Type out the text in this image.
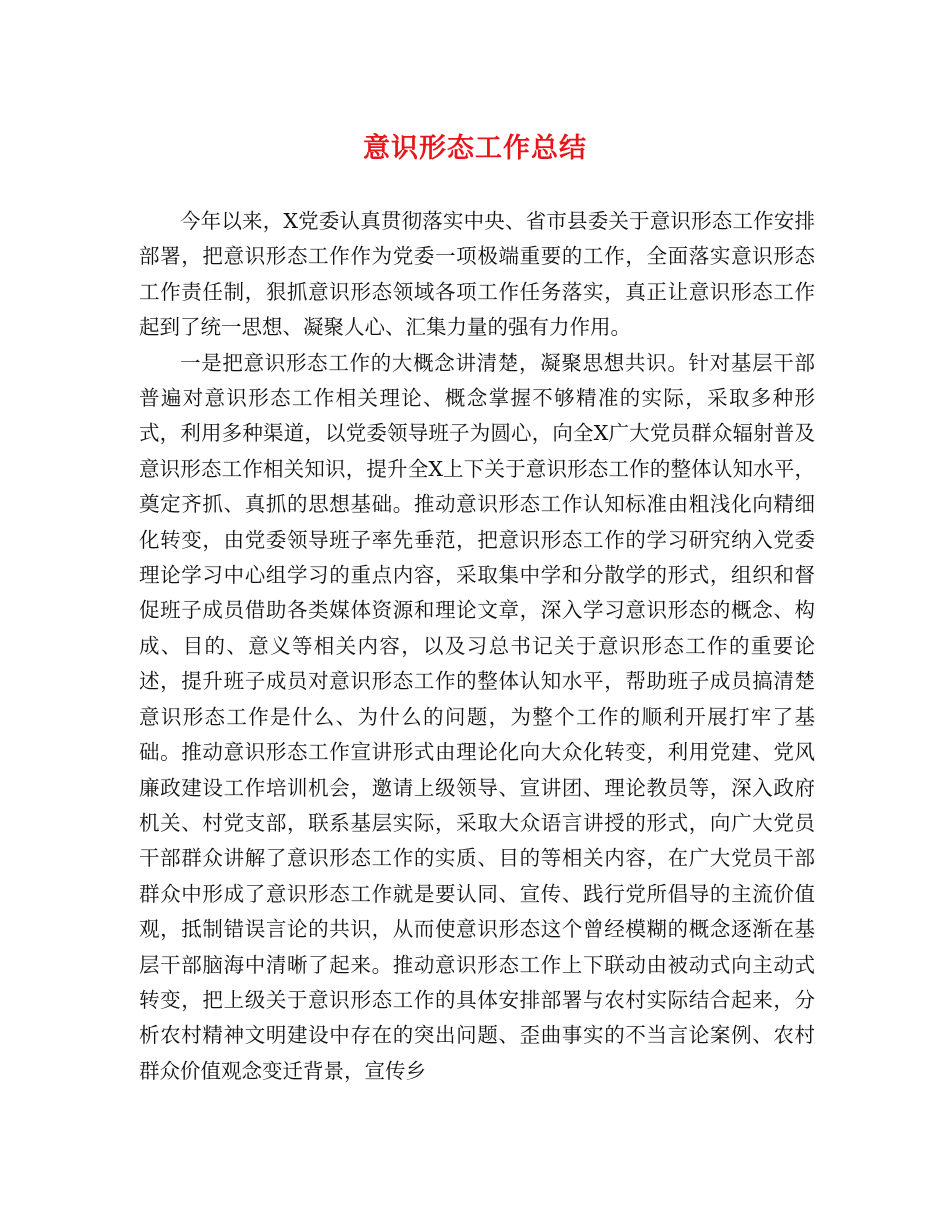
意识形态工作总结

今年以来，X党委认真贯彻落实中央、省市县委关于意识形态工作安排部署，把意识形态工作作为党委一项极端重要的工作，全面落实意识形态工作责任制，狠抓意识形态领域各项工作任务落实，真正让意识形态工作起到了统一思想、凝聚人心、汇集力量的强有力作用。

一是把意识形态工作的大概念讲清楚，凝聚思想共识。针对基层干部普遍对意识形态工作相关理论、概念掌握不够精准的实际，采取多种形式，利用多种渠道，以党委领导班子为圆心，向全X广大党员群众辐射普及意识形态工作相关知识，提升全X上下关于意识形态工作的整体认知水平，奠定齐抓、真抓的思想基础。推动意识形态工作认知标准由粗浅化向精细化转变，由党委领导班子率先垂范，把意识形态工作的学习研究纳入党委理论学习中心组学习的重点内容，采取集中学和分散学的形式，组织和督促班子成员借助各类媒体资源和理论文章，深入学习意识形态的概念、构成、目的、意义等相关内容，以及习总书记关于意识形态工作的重要论述，提升班子成员对意识形态工作的整体认知水平，帮助班子成员搞清楚意识形态工作是什么、为什么的问题，为整个工作的顺利开展打牢了基础。推动意识形态工作宣讲形式由理论化向大众化转变，利用党建、党风廉政建设工作培训机会，邀请上级领导、宣讲团、理论教员等，深入政府机关、村党支部，联系基层实际，采取大众语言讲授的形式，向广大党员干部群众讲解了意识形态工作的实质、目的等相关内容，在广大党员干部群众中形成了意识形态工作就是要认同、宣传、践行党所倡导的主流价值观，抵制错误言论的共识，从而使意识形态这个曾经模糊的概念逐渐在基层干部脑海中清晰了起来。推动意识形态工作上下联动由被动式向主动式转变，把上级关于意识形态工作的具体安排部署与农村实际结合起来，分析农村精神文明建设中存在的突出问题、歪曲事实的不当言论案例、农村群众价值观念变迁背景，宣传乡
